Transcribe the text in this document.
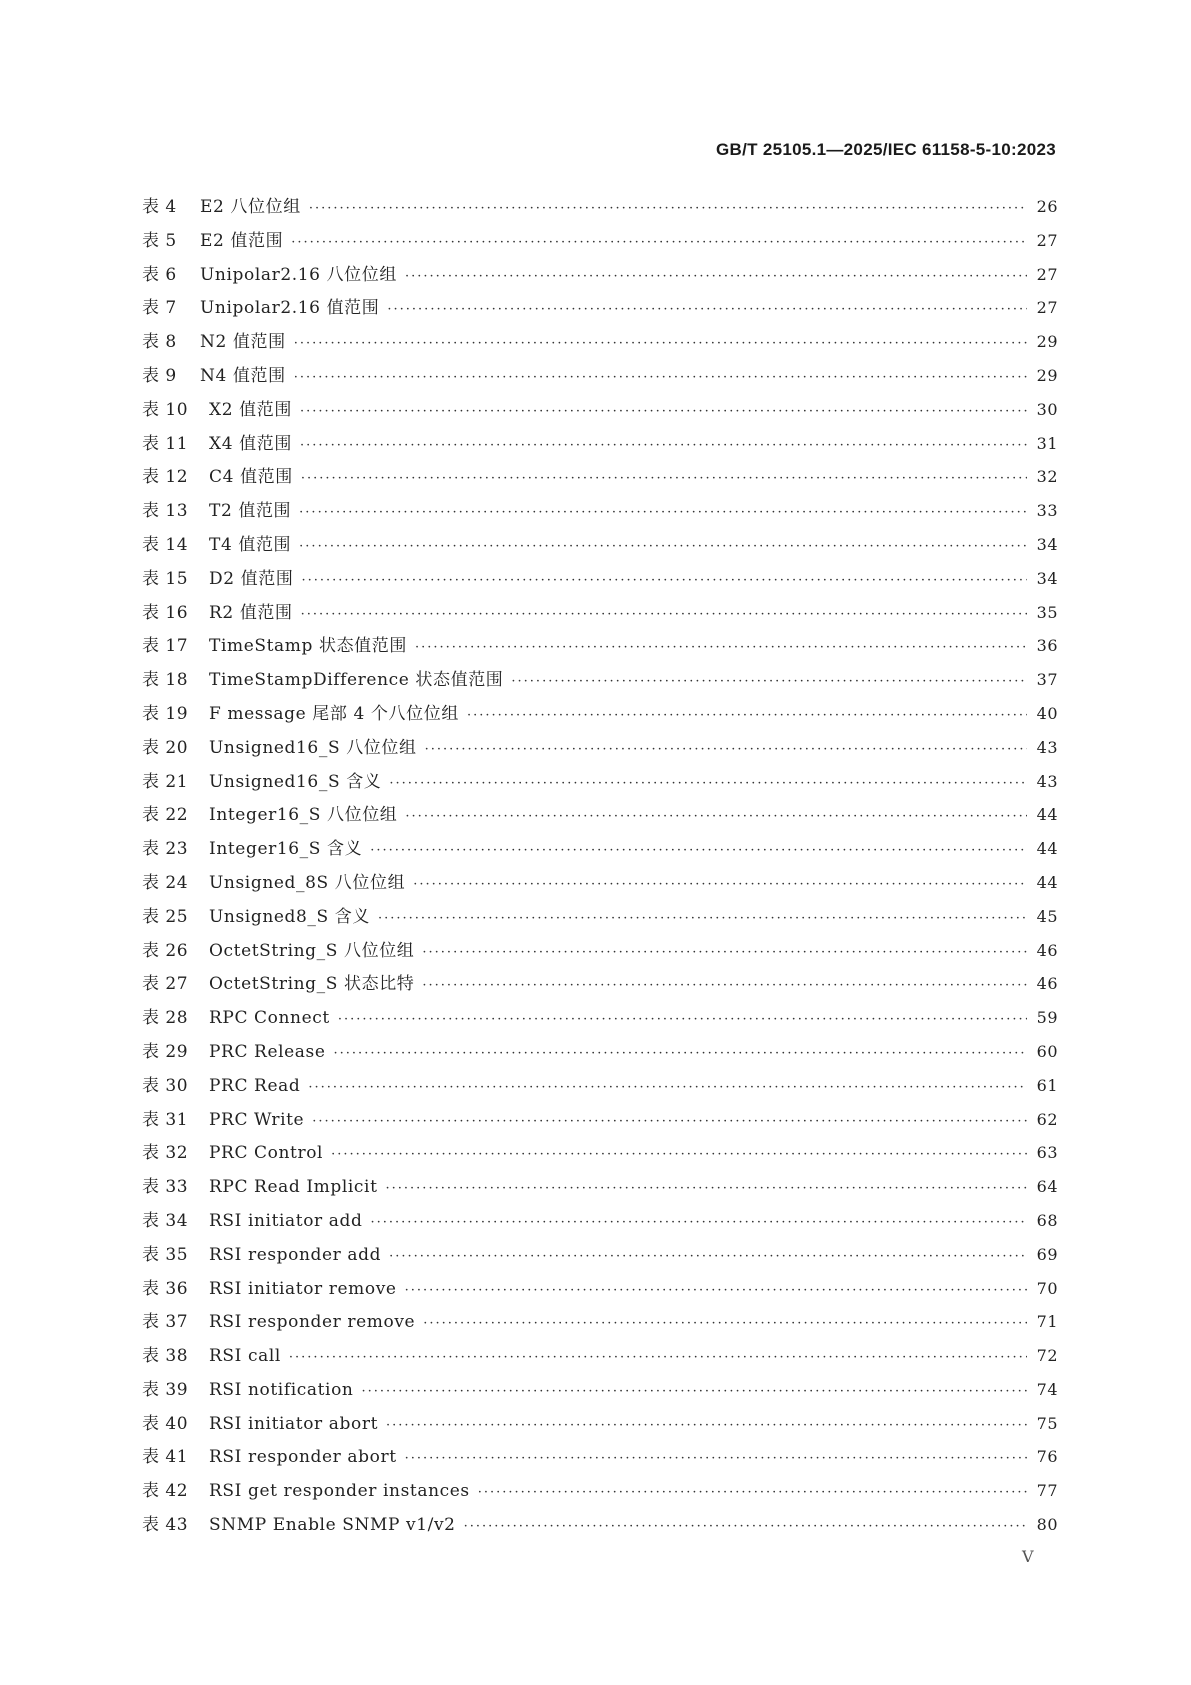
GB/T 25105.1—2025/IEC 61158-5-10:2023
表 4	E2 八位位组 ·····	26
表 5	E2 值范围 ·····	27
表 6	Unipolar2.16 八位位组 ·····	27
表 7	Unipolar2.16 值范围 ·····	27
表 8	N2 值范围 ·····	29
表 9	N4 值范围 ·····	29
表 10	X2 值范围 ·····	30
表 11	X4 值范围 ·····	31
表 12	C4 值范围 ·····	32
表 13	T2 值范围 ·····	33
表 14	T4 值范围 ·····	34
表 15	D2 值范围 ·····	34
表 16	R2 值范围 ·····	35
表 17	TimeStamp 状态值范围 ·····	36
表 18	TimeStampDifference 状态值范围 ·····	37
表 19	F message 尾部 4 个八位位组 ·····	40
表 20	Unsigned16_S 八位位组 ·····	43
表 21	Unsigned16_S 含义 ·····	43
表 22	Integer16_S 八位位组 ·····	44
表 23	Integer16_S 含义 ·····	44
表 24	Unsigned_8S 八位位组 ·····	44
表 25	Unsigned8_S 含义 ·····	45
表 26	OctetString_S 八位位组 ·····	46
表 27	OctetString_S 状态比特 ·····	46
表 28	RPC Connect ·····	59
表 29	PRC Release ·····	60
表 30	PRC Read ·····	61
表 31	PRC Write ·····	62
表 32	PRC Control ·····	63
表 33	RPC Read Implicit ·····	64
表 34	RSI initiator add ·····	68
表 35	RSI responder add ·····	69
表 36	RSI initiator remove ·····	70
表 37	RSI responder remove ·····	71
表 38	RSI call ·····	72
表 39	RSI notification ·····	74
表 40	RSI initiator abort ·····	75
表 41	RSI responder abort ·····	76
表 42	RSI get responder instances ·····	77
表 43	SNMP Enable SNMP v1/v2 ·····	80
V
